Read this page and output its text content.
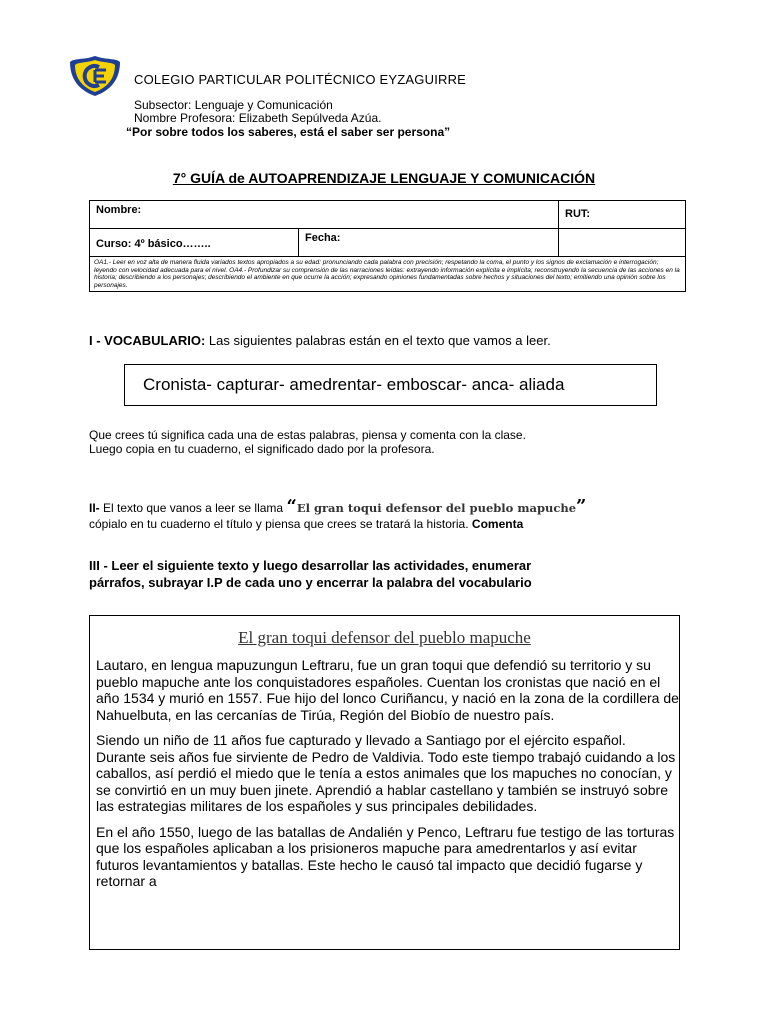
COLEGIO PARTICULAR POLITÉCNICO EYZAGUIRRE
Subsector: Lenguaje y Comunicación
Nombre Profesora: Elizabeth Sepúlveda Azúa.
“Por sobre todos los saberes, está el saber ser persona”
7° GUÍA de AUTOAPRENDIZAJE LENGUAJE Y COMUNICACIÓN
Nombre:		RUT:
Curso: 4º básico……..	Fecha:	
OA1.- Leer en voz alta de manera fluida variados textos apropiados a su edad: pronunciando cada palabra con precisión; respetando la coma, el punto y los signos de exclamación e interrogación; leyendo con velocidad adecuada para el nivel. OA4.- Profundizar su comprensión de las narraciones leídas: extrayendo información explícita e implícita; reconstruyendo la secuencia de las acciones en la historia; describiendo a los personajes; describiendo el ambiente en que ocurre la acción; expresando opiniones fundamentadas sobre hechos y situaciones del texto; emitiendo una opinión sobre los personajes.		
I - VOCABULARIO: Las siguientes palabras están en el texto que vamos a leer.
Cronista- capturar- amedrentar- emboscar- anca- aliada
Que crees tú significa cada una de estas palabras, piensa y comenta con la clase.
Luego copia en tu cuaderno, el significado dado por la profesora.
II- El texto que vanos a leer se llama “El gran toqui defensor del pueblo mapuche”
cópialo en tu cuaderno el título y piensa que crees se tratará la historia. Comenta
III - Leer el siguiente texto y luego desarrollar las actividades, enumerar
párrafos, subrayar I.P de cada uno y encerrar la palabra del vocabulario
El gran toqui defensor del pueblo mapuche

Lautaro, en lengua mapuzungun Leftraru, fue un gran toqui que defendió su territorio y su pueblo mapuche ante los conquistadores españoles. Cuentan los cronistas que nació en el año 1534 y murió en 1557. Fue hijo del lonco Curiñancu, y nació en la zona de la cordillera de Nahuelbuta, en las cercanías de Tirúa, Región del Biobío de nuestro país.

Siendo un niño de 11 años fue capturado y llevado a Santiago por el ejército español. Durante seis años fue sirviente de Pedro de Valdivia. Todo este tiempo trabajó cuidando a los caballos, así perdió el miedo que le tenía a estos animales que los mapuches no conocían, y se convirtió en un muy buen jinete. Aprendió a hablar castellano y también se instruyó sobre las estrategias militares de los españoles y sus principales debilidades.

En el año 1550, luego de las batallas de Andalién y Penco, Leftraru fue testigo de las torturas que los españoles aplicaban a los prisioneros mapuche para amedrentarlos y así evitar futuros levantamientos y batallas. Este hecho le causó tal impacto que decidió fugarse y retornar a
